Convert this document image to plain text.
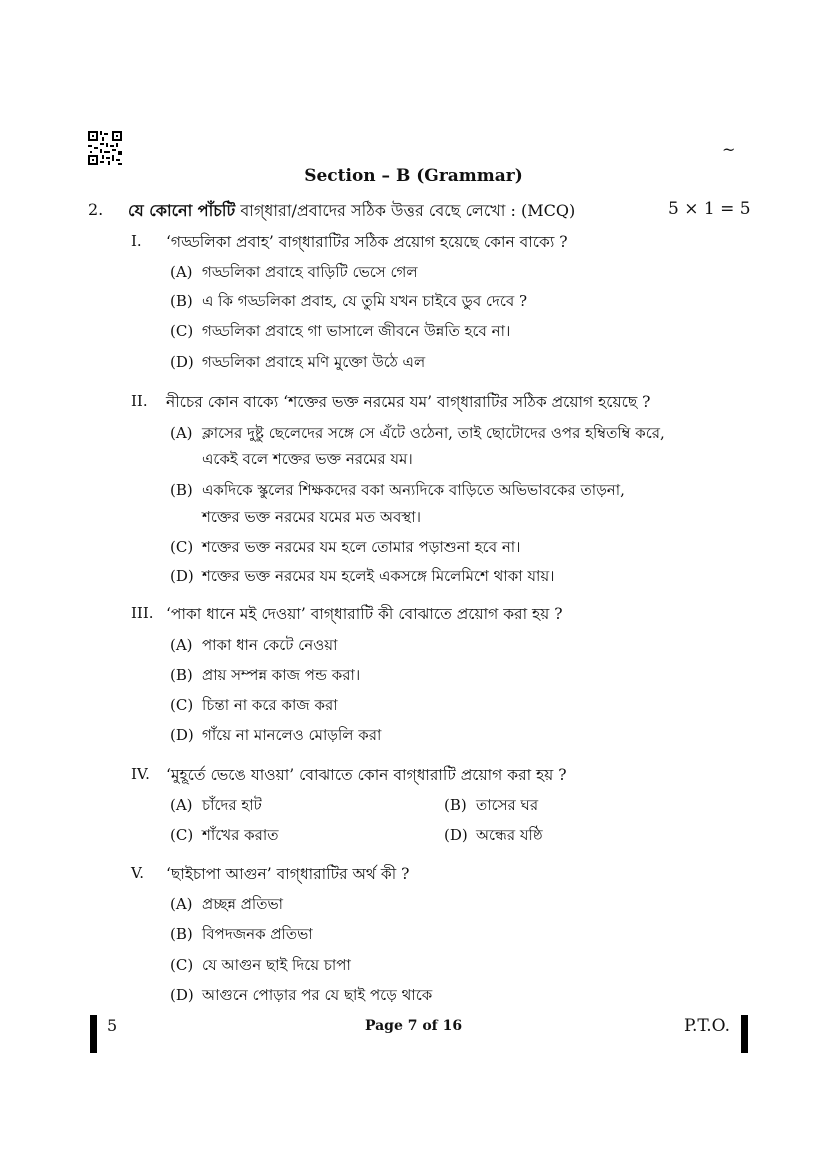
~
Section – B (Grammar)
2. যে কোনো পাঁচটি বাগ্‌ধারা/প্রবাদের সঠিক উত্তর বেছে লেখো : (MCQ)	5 × 1 = 5
I. ‘গড্ডলিকা প্রবাহ’ বাগ্‌ধারাটির সঠিক প্রয়োগ হয়েছে কোন বাক্যে ?
(A) গড্ডলিকা প্রবাহে বাড়িটি ভেসে গেল
(B) এ কি গড্ডলিকা প্রবাহ, যে তুমি যখন চাইবে ডুব দেবে ?
(C) গড্ডলিকা প্রবাহে গা ভাসালে জীবনে উন্নতি হবে না।
(D) গড্ডলিকা প্রবাহে মণি মুক্তো উঠে এল
II. নীচের কোন বাক্যে ‘শক্তের ভক্ত নরমের যম’ বাগ্‌ধারাটির সঠিক প্রয়োগ হয়েছে ?
(A) ক্লাসের দুষ্টু ছেলেদের সঙ্গে সে এঁটে ওঠেনা, তাই ছোটোদের ওপর হম্বিতম্বি করে,
একেই বলে শক্তের ভক্ত নরমের যম।
(B) একদিকে স্কুলের শিক্ষকদের বকা অন্যদিকে বাড়িতে অভিভাবকের তাড়না,
শক্তের ভক্ত নরমের যমের মত অবস্থা।
(C) শক্তের ভক্ত নরমের যম হলে তোমার পড়াশুনা হবে না।
(D) শক্তের ভক্ত নরমের যম হলেই একসঙ্গে মিলেমিশে থাকা যায়।
III. ‘পাকা ধানে মই দেওয়া’ বাগ্‌ধারাটি কী বোঝাতে প্রয়োগ করা হয় ?
(A) পাকা ধান কেটে নেওয়া
(B) প্রায় সম্পন্ন কাজ পন্ড করা।
(C) চিন্তা না করে কাজ করা
(D) গাঁয়ে না মানলেও মোড়লি করা
IV. ‘মুহূর্তে ভেঙে যাওয়া’ বোঝাতে কোন বাগ্‌ধারাটি প্রয়োগ করা হয় ?
(A) চাঁদের হাট	(B) তাসের ঘর
(C) শাঁখের করাত	(D) অন্ধের যষ্ঠি
V. ‘ছাইচাপা আগুন’ বাগ্‌ধারাটির অর্থ কী ?
(A) প্রচ্ছন্ন প্রতিভা
(B) বিপদজনক প্রতিভা
(C) যে আগুন ছাই দিয়ে চাপা
(D) আগুনে পোড়ার পর যে ছাই পড়ে থাকে
5	Page 7 of 16	P.T.O.
